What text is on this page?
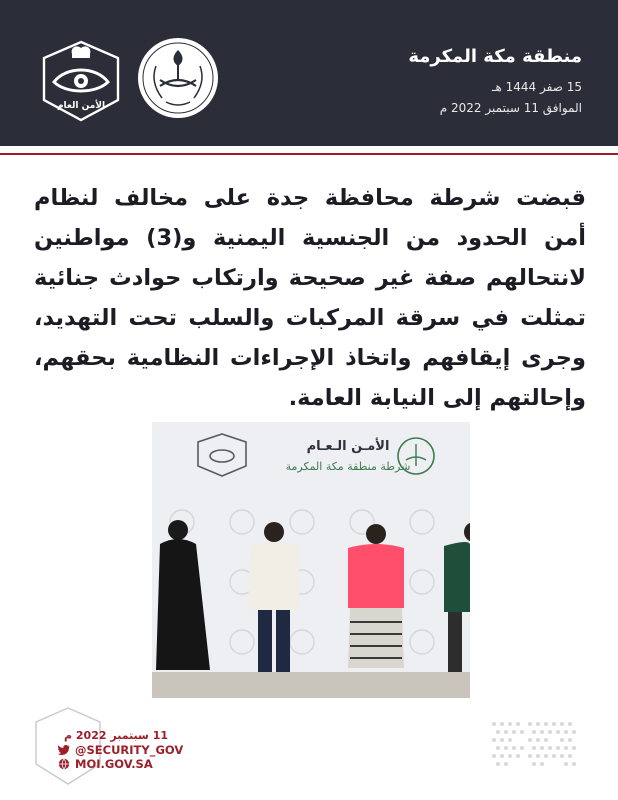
الأمن العام
منطقة مكة المكرمة
15 صفر 1444 هـ
الموافق 11 سبتمبر 2022 م
قبضت شرطة محافظة جدة على مخالف لنظام أمن الحدود من الجنسية اليمنية و(3) مواطنين لانتحالهم صفة غير صحيحة وارتكاب حوادث جنائية تمثلت في سرقة المركبات والسلب تحت التهديد، وجرى إيقافهم واتخاذ الإجراءات النظامية بحقهم، وإحالتهم إلى النيابة العامة.
الأمـن الـعـام
شرطة منطقة مكة المكرمة
11 سبتمبر 2022 م
@SECURITY_GOV
MOI.GOV.SA
